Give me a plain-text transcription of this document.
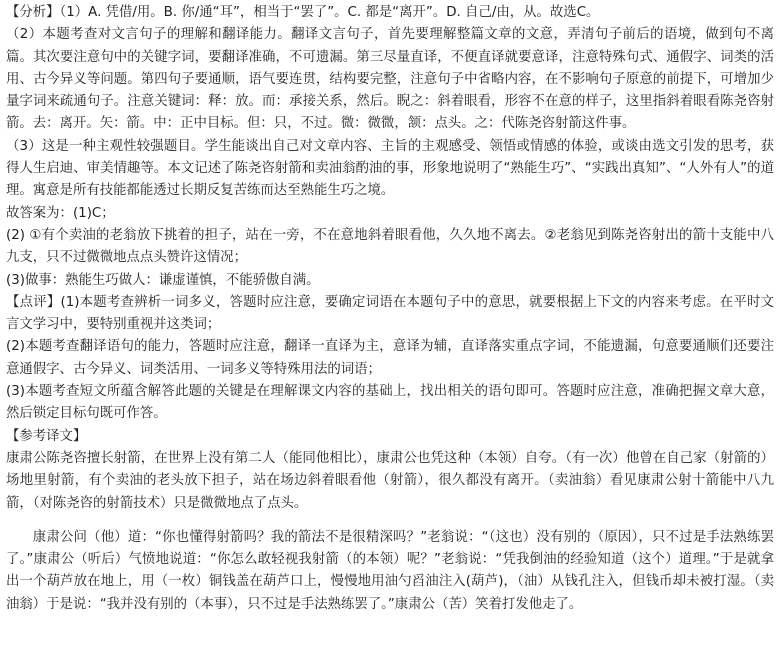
【分析】（1）A. 凭借/用。B. 你/通“耳”，相当于“罢了”。C. 都是“离开”。D. 自己/由，从。故选C。

（2）本题考查对文言句子的理解和翻译能力。翻译文言句子，首先要理解整篇文章的文意，弄清句子前后的语境，做到句不离篇。其次要注意句中的关键字词，要翻译准确，不可遗漏。第三尽量直译，不便直译就要意译，注意特殊句式、通假字、词类的活用、古今异义等问题。第四句子要通顺，语气要连贯，结构要完整，注意句子中省略内容，在不影响句子原意的前提下，可增加少量字词来疏通句子。注意关键词：释：放。而：承接关系，然后。睨之：斜着眼看，形容不在意的样子，这里指斜着眼看陈尧咨射箭。去：离开。矢：箭。中：正中目标。但：只，不过。微：微微，颔：点头。之：代陈尧咨射箭这件事。

（3）这是一种主观性较强题目。学生能谈出自己对文章内容、主旨的主观感受、领悟或情感的体验，或谈由选文引发的思考，获得人生启迪、审美情趣等。本文记述了陈尧咨射箭和卖油翁酌油的事，形象地说明了“熟能生巧”、“实践出真知”、“人外有人”的道理。寓意是所有技能都能透过长期反复苦练而达至熟能生巧之境。

故答案为：(1)C；

(2) ①有个卖油的老翁放下挑着的担子，站在一旁，不在意地斜着眼看他，久久地不离去。②老翁见到陈尧咨射出的箭十支能中八九支，只不过微微地点点头赞许这情况；

(3)做事：熟能生巧做人：谦虚谨慎，不能骄傲自满。

【点评】(1)本题考查辨析一词多义，答题时应注意，要确定词语在本题句子中的意思，就要根据上下文的内容来考虑。在平时文言文学习中，要特别重视并这类词；

(2)本题考查翻译语句的能力，答题时应注意，翻译一直译为主，意译为辅，直译落实重点字词，不能遗漏，句意要通顺们还要注意通假字、古今异义、词类活用、一词多义等特殊用法的词语；

(3)本题考查短文所蕴含解答此题的关键是在理解课文内容的基础上，找出相关的语句即可。答题时应注意，准确把握文章大意，然后锁定目标句既可作答。

【参考译文】

康肃公陈尧咨擅长射箭，在世界上没有第二人（能同他相比），康肃公也凭这种（本领）自夸。（有一次）他曾在自己家（射箭的）场地里射箭，有个卖油的老头放下担子，站在场边斜着眼看他（射箭），很久都没有离开。（卖油翁）看见康肃公射十箭能中八九箭，（对陈尧咨的射箭技术）只是微微地点了点头。

康肃公问（他）道：“你也懂得射箭吗？我的箭法不是很精深吗？”老翁说：“（这也）没有别的（原因），只不过是手法熟练罢了。”康肃公（听后）气愤地说道：“你怎么敢轻视我射箭（的本领）呢？”老翁说：“凭我倒油的经验知道（这个）道理。”于是就拿出一个葫芦放在地上，用（一枚）铜钱盖在葫芦口上，慢慢地用油勺舀油注入(葫芦)，（油）从钱孔注入，但钱币却未被打湿。（卖油翁）于是说：“我并没有别的（本事），只不过是手法熟练罢了。”康肃公（苦）笑着打发他走了。
